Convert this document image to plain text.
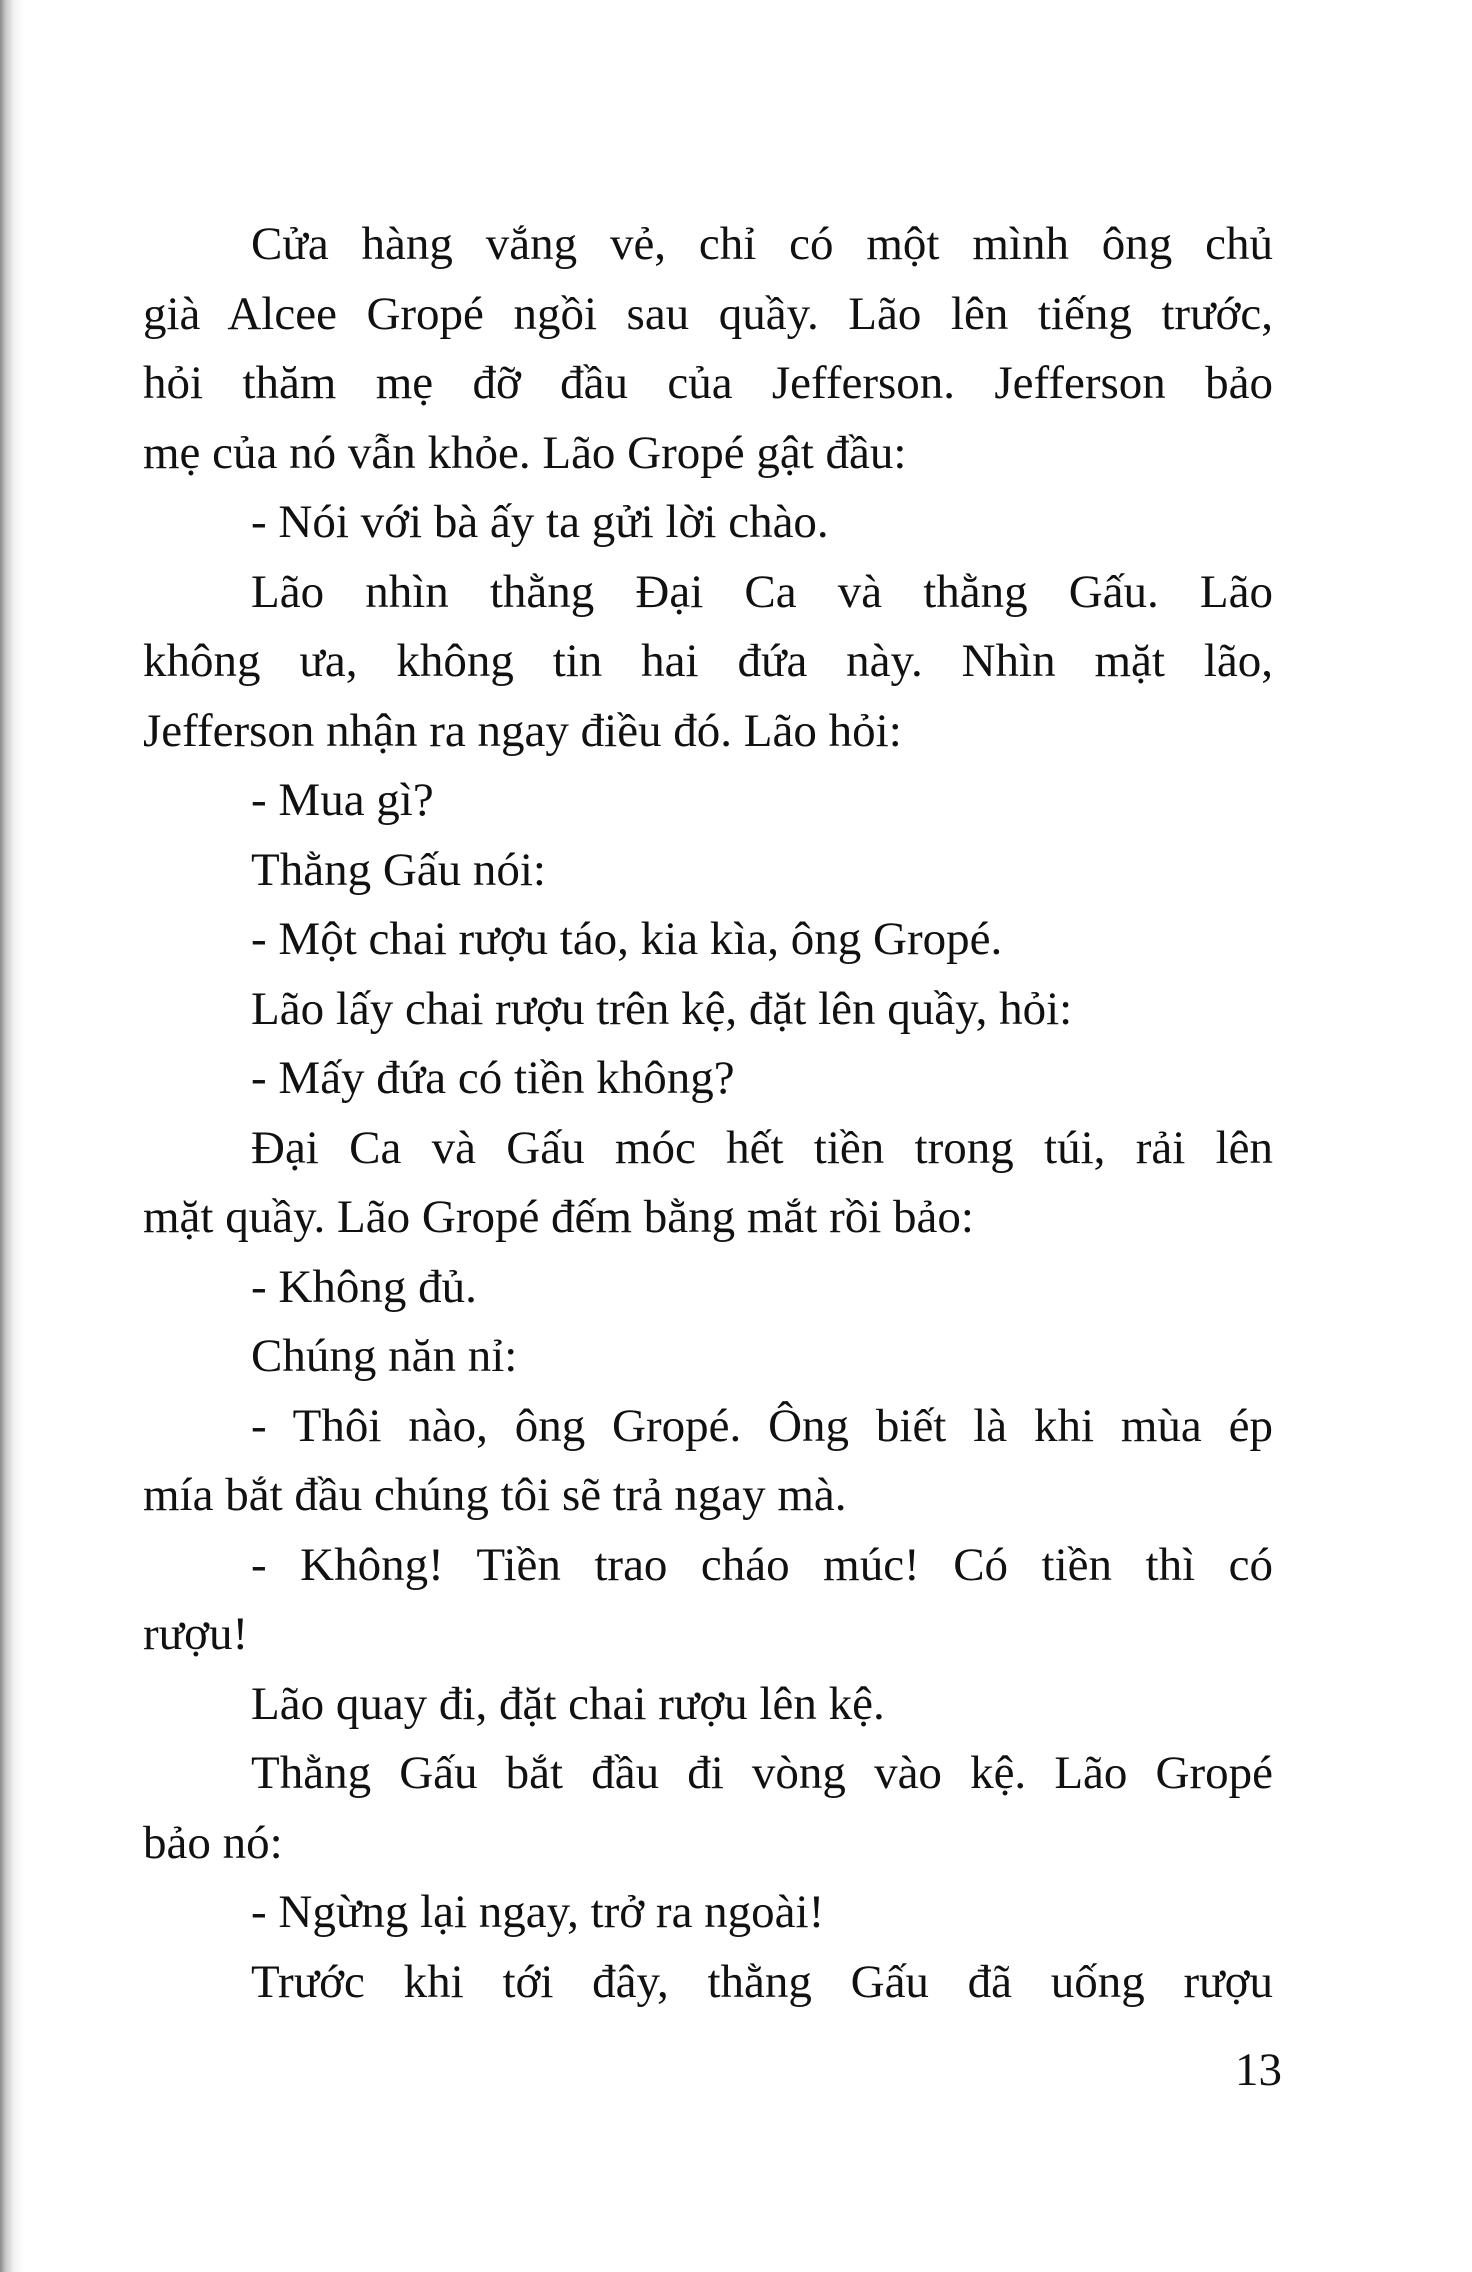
Cửa hàng vắng vẻ, chỉ có một mình ông chủ
già Alcee Gropé ngồi sau quầy. Lão lên tiếng trước,
hỏi thăm mẹ đỡ đầu của Jefferson. Jefferson bảo
mẹ của nó vẫn khỏe. Lão Gropé gật đầu:
- Nói với bà ấy ta gửi lời chào.
Lão nhìn thằng Đại Ca và thằng Gấu. Lão
không ưa, không tin hai đứa này. Nhìn mặt lão,
Jefferson nhận ra ngay điều đó. Lão hỏi:
- Mua gì?
Thằng Gấu nói:
- Một chai rượu táo, kia kìa, ông Gropé.
Lão lấy chai rượu trên kệ, đặt lên quầy, hỏi:
- Mấy đứa có tiền không?
Đại Ca và Gấu móc hết tiền trong túi, rải lên
mặt quầy. Lão Gropé đếm bằng mắt rồi bảo:
- Không đủ.
Chúng năn nỉ:
- Thôi nào, ông Gropé. Ông biết là khi mùa ép
mía bắt đầu chúng tôi sẽ trả ngay mà.
- Không! Tiền trao cháo múc! Có tiền thì có
rượu!
Lão quay đi, đặt chai rượu lên kệ.
Thằng Gấu bắt đầu đi vòng vào kệ. Lão Gropé
bảo nó:
- Ngừng lại ngay, trở ra ngoài!
Trước khi tới đây, thằng Gấu đã uống rượu
13
